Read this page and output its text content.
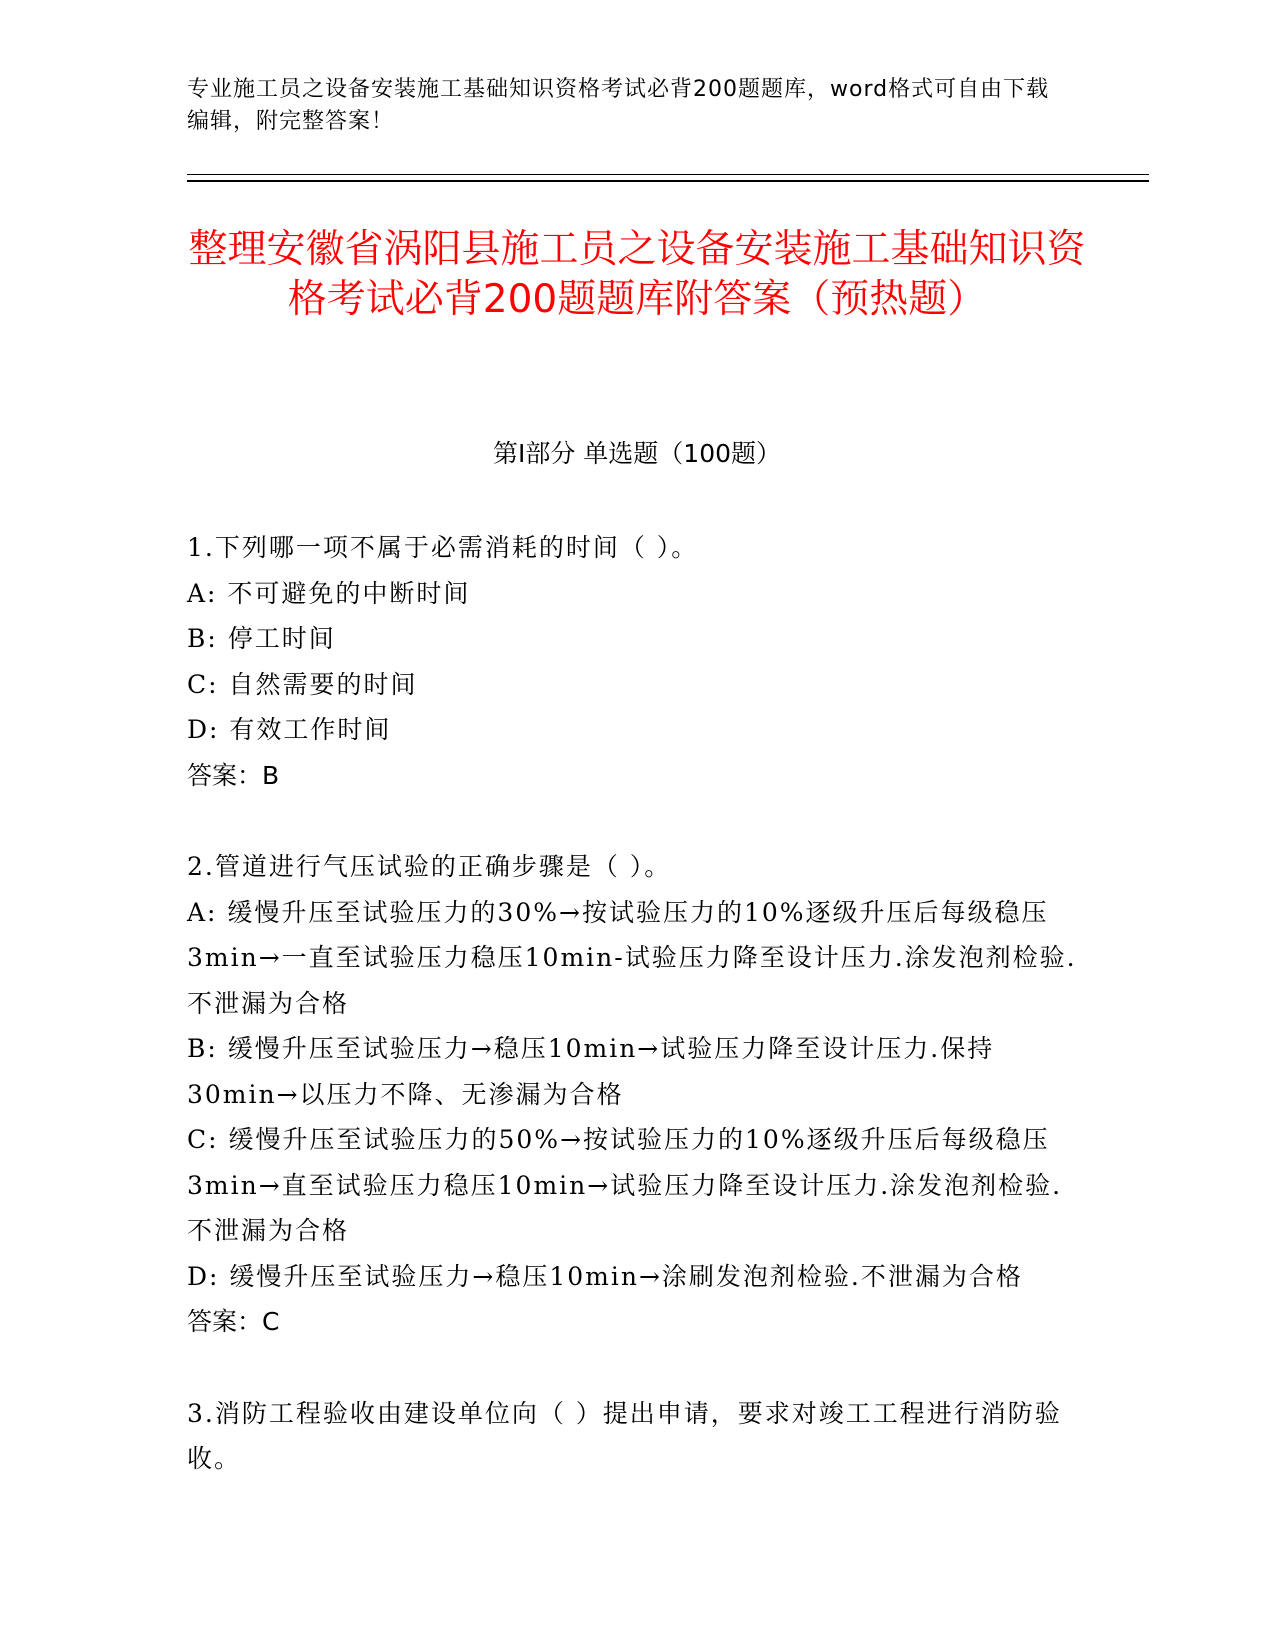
专业施工员之设备安装施工基础知识资格考试必背200题题库，word格式可自由下载编辑，附完整答案！
整理安徽省涡阳县施工员之设备安装施工基础知识资格考试必背200题题库附答案（预热题）
第I部分 单选题（100题）
1.下列哪一项不属于必需消耗的时间（ ）。
A: 不可避免的中断时间
B: 停工时间
C: 自然需要的时间
D: 有效工作时间
答案：B
2.管道进行气压试验的正确步骤是（ ）。
A: 缓慢升压至试验压力的30%→按试验压力的10%逐级升压后每级稳压3min→一直至试验压力稳压10min-试验压力降至设计压力.涂发泡剂检验.不泄漏为合格
B: 缓慢升压至试验压力→稳压10min→试验压力降至设计压力.保持30min→以压力不降、无渗漏为合格
C: 缓慢升压至试验压力的50%→按试验压力的10%逐级升压后每级稳压3min→直至试验压力稳压10min→试验压力降至设计压力.涂发泡剂检验.不泄漏为合格
D: 缓慢升压至试验压力→稳压10min→涂刷发泡剂检验.不泄漏为合格
答案：C
3.消防工程验收由建设单位向（ ）提出申请，要求对竣工工程进行消防验收。
